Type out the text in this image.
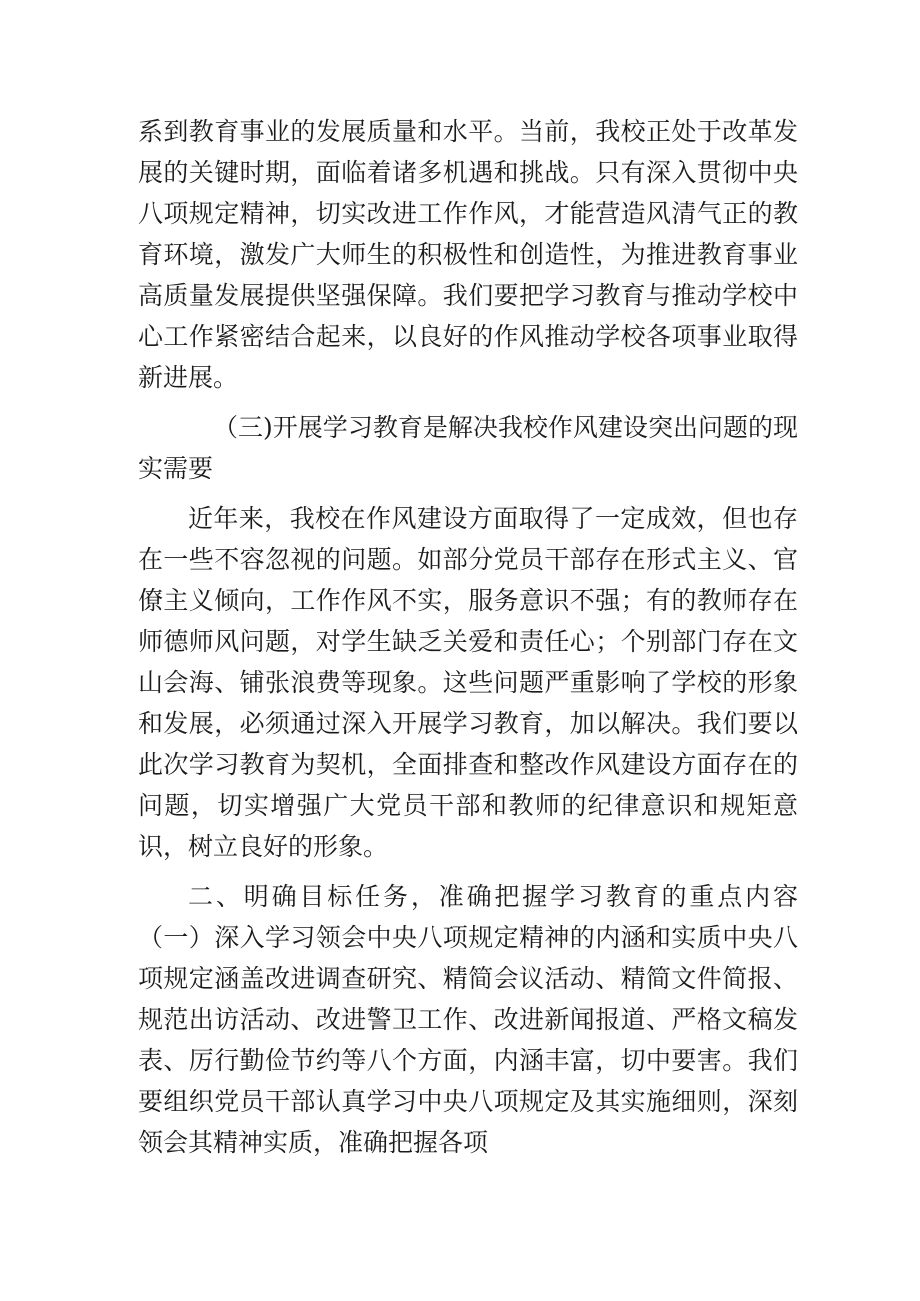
系到教育事业的发展质量和水平。当前，我校正处于改革发展的关键时期，面临着诸多机遇和挑战。只有深入贯彻中央八项规定精神，切实改进工作作风，才能营造风清气正的教育环境，激发广大师生的积极性和创造性，为推进教育事业高质量发展提供坚强保障。我们要把学习教育与推动学校中心工作紧密结合起来，以良好的作风推动学校各项事业取得新进展。

（三)开展学习教育是解决我校作风建设突出问题的现实需要

近年来，我校在作风建设方面取得了一定成效，但也存在一些不容忽视的问题。如部分党员干部存在形式主义、官僚主义倾向，工作作风不实，服务意识不强；有的教师存在师德师风问题，对学生缺乏关爱和责任心；个别部门存在文山会海、铺张浪费等现象。这些问题严重影响了学校的形象和发展，必须通过深入开展学习教育，加以解决。我们要以此次学习教育为契机，全面排查和整改作风建设方面存在的问题，切实增强广大党员干部和教师的纪律意识和规矩意识，树立良好的形象。

二、明确目标任务，准确把握学习教育的重点内容（一）深入学习领会中央八项规定精神的内涵和实质中央八项规定涵盖改进调查研究、精简会议活动、精简文件简报、规范出访活动、改进警卫工作、改进新闻报道、严格文稿发表、厉行勤俭节约等八个方面，内涵丰富，切中要害。我们要组织党员干部认真学习中央八项规定及其实施细则，深刻领会其精神实质，准确把握各项
